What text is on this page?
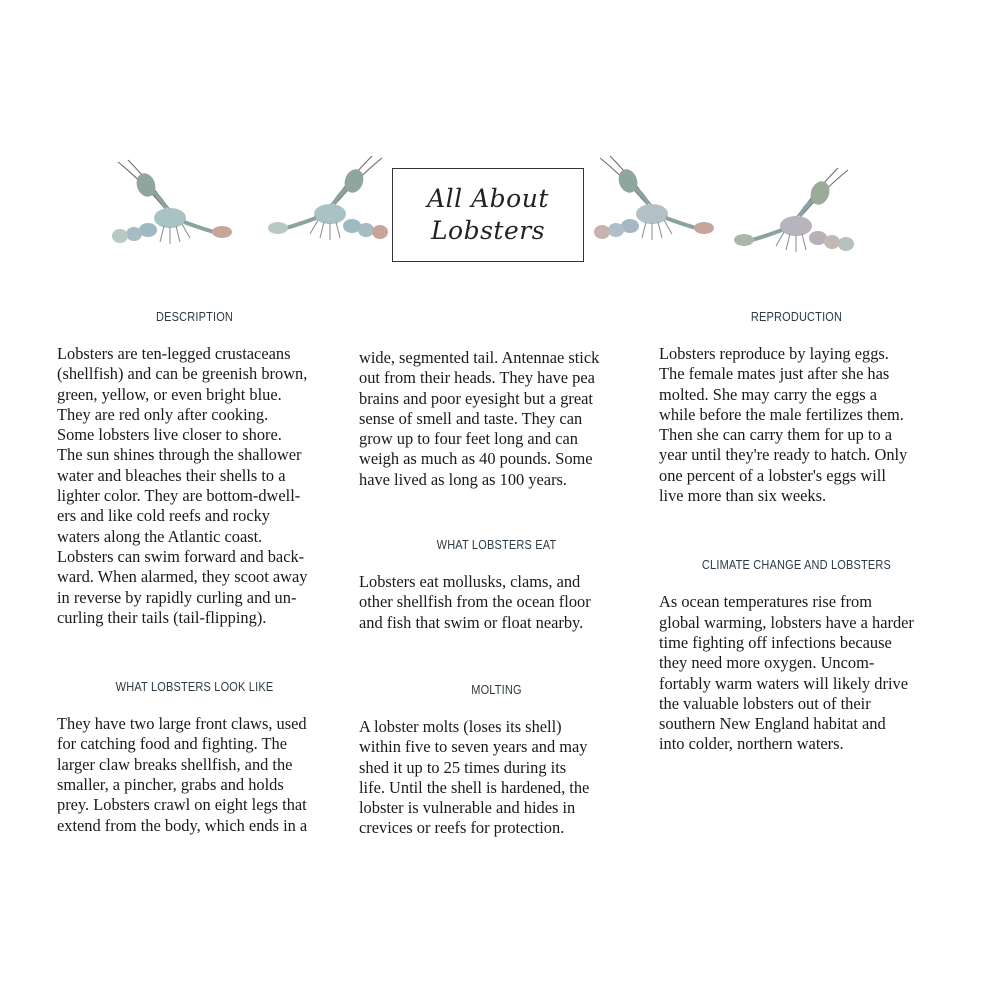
All About
Lobsters
DESCRIPTION

Lobsters are ten-legged crustaceans
(shellfish) and can be greenish brown,
green, yellow, or even bright blue.
They are red only after cooking.
Some lobsters live closer to shore.
The sun shines through the shallower
water and bleaches their shells to a
lighter color. They are bottom-dwell-
ers and like cold reefs and rocky
waters along the Atlantic coast.
Lobsters can swim forward and back-
ward. When alarmed, they scoot away
in reverse by rapidly curling and un-
curling their tails (tail-flipping).

WHAT LOBSTERS LOOK LIKE

They have two large front claws, used
for catching food and fighting. The
larger claw breaks shellfish, and the
smaller, a pincher, grabs and holds
prey. Lobsters crawl on eight legs that
extend from the body, which ends in a

wide, segmented tail. Antennae stick
out from their heads. They have pea
brains and poor eyesight but a great
sense of smell and taste. They can
grow up to four feet long and can
weigh as much as 40 pounds. Some
have lived as long as 100 years.

WHAT LOBSTERS EAT

Lobsters eat mollusks, clams, and
other shellfish from the ocean floor
and fish that swim or float nearby.

MOLTING

A lobster molts (loses its shell)
within five to seven years and may
shed it up to 25 times during its
life. Until the shell is hardened, the
lobster is vulnerable and hides in
crevices or reefs for protection.

REPRODUCTION

Lobsters reproduce by laying eggs.
The female mates just after she has
molted. She may carry the eggs a
while before the male fertilizes them.
Then she can carry them for up to a
year until they're ready to hatch. Only
one percent of a lobster's eggs will
live more than six weeks.

CLIMATE CHANGE AND LOBSTERS

As ocean temperatures rise from
global warming, lobsters have a harder
time fighting off infections because
they need more oxygen. Uncom-
fortably warm waters will likely drive
the valuable lobsters out of their
southern New England habitat and
into colder, northern waters.
